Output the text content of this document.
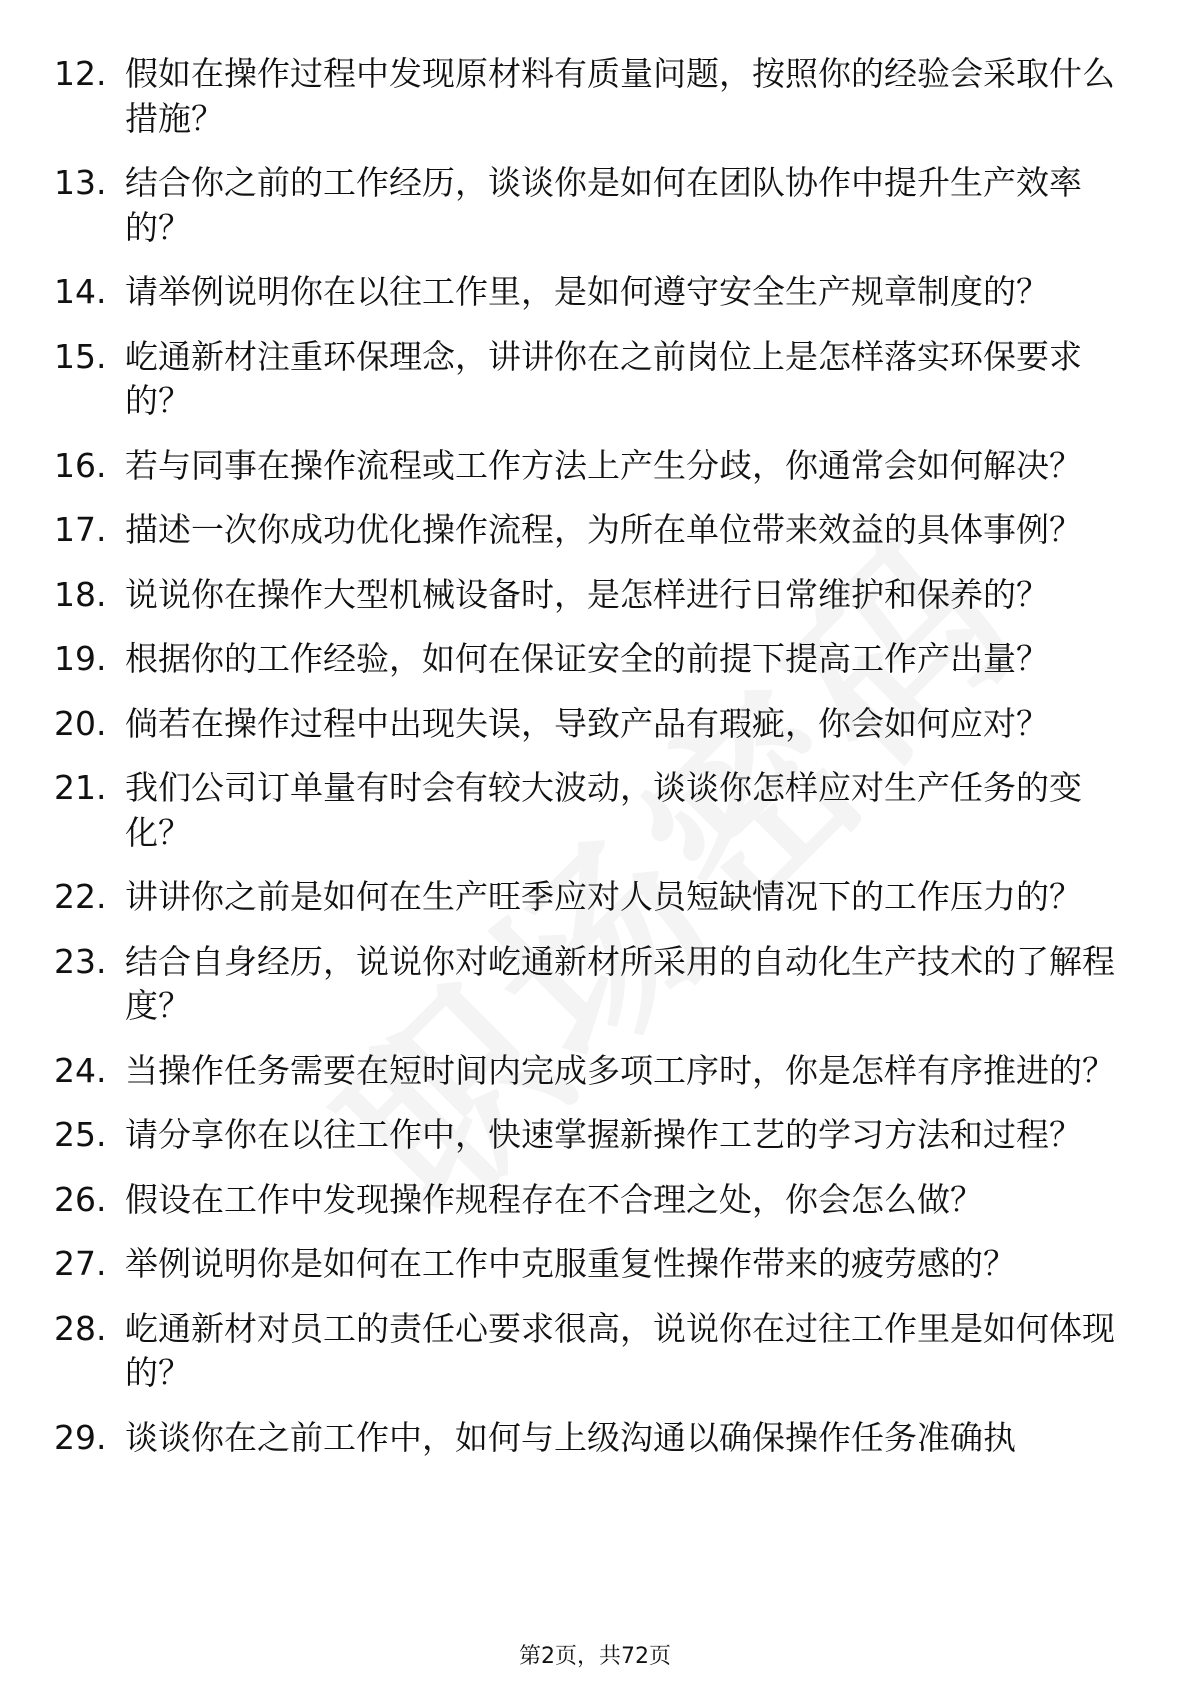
12. 假如在操作过程中发现原材料有质量问题，按照你的经验会采取什么措施？
13. 结合你之前的工作经历，谈谈你是如何在团队协作中提升生产效率的？
14. 请举例说明你在以往工作里，是如何遵守安全生产规章制度的？
15. 屹通新材注重环保理念，讲讲你在之前岗位上是怎样落实环保要求的？
16. 若与同事在操作流程或工作方法上产生分歧，你通常会如何解决？
17. 描述一次你成功优化操作流程，为所在单位带来效益的具体事例？
18. 说说你在操作大型机械设备时，是怎样进行日常维护和保养的？
19. 根据你的工作经验，如何在保证安全的前提下提高工作产出量？
20. 倘若在操作过程中出现失误，导致产品有瑕疵，你会如何应对？
21. 我们公司订单量有时会有较大波动，谈谈你怎样应对生产任务的变化？
22. 讲讲你之前是如何在生产旺季应对人员短缺情况下的工作压力的？
23. 结合自身经历，说说你对屹通新材所采用的自动化生产技术的了解程度？
24. 当操作任务需要在短时间内完成多项工序时，你是怎样有序推进的？
25. 请分享你在以往工作中，快速掌握新操作工艺的学习方法和过程？
26. 假设在工作中发现操作规程存在不合理之处，你会怎么做？
27. 举例说明你是如何在工作中克服重复性操作带来的疲劳感的？
28. 屹通新材对员工的责任心要求很高，说说你在过往工作里是如何体现的？
29. 谈谈你在之前工作中，如何与上级沟通以确保操作任务准确执
第2页，共72页
